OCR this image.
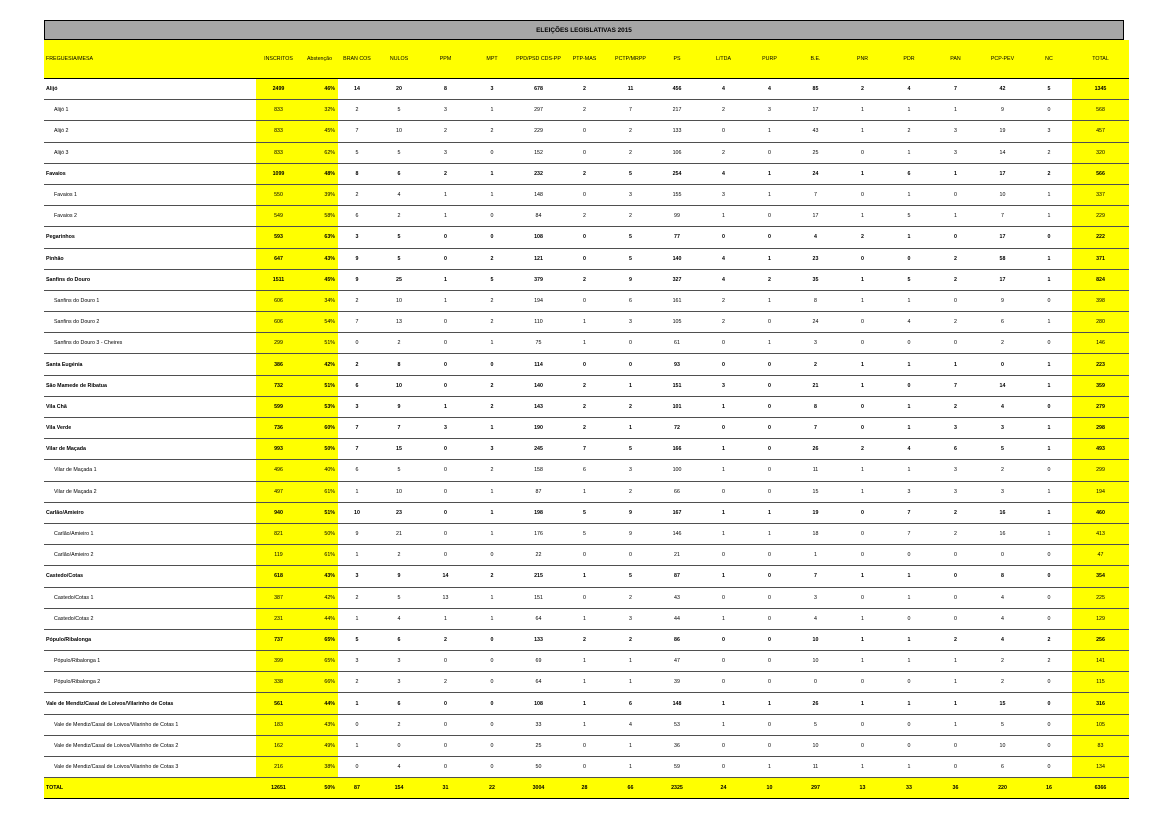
ELEIÇÕES LEGISLATIVAS 2015
FREGUESIA/MESA	INSCRITOS	Abstenção	BRAN COS	NULOS	PPM	MPT	PPD/PSD CDS-PP	PTP-MAS	PCTP/MRPP	PS	L/TDA	PURP	B.E.	PNR	PDR	PAN	PCP-PEV	NC	TOTAL
Alijó	2499	46%	14	20	8	3	678	2	11	456	4	4	85	2	4	7	42	5	1345
Alijó 1	833	32%	2	5	3	1	297	2	7	217	2	3	17	1	1	1	9	0	568
Alijó 2	833	45%	7	10	2	2	229	0	2	133	0	1	43	1	2	3	19	3	457
Alijó 3	833	62%	5	5	3	0	152	0	2	106	2	0	25	0	1	3	14	2	320
Favaios	1099	48%	8	6	2	1	232	2	5	254	4	1	24	1	6	1	17	2	566
Favaios 1	550	39%	2	4	1	1	148	0	3	155	3	1	7	0	1	0	10	1	337
Favaios 2	549	58%	6	2	1	0	84	2	2	99	1	0	17	1	5	1	7	1	229
Pegarinhos	593	63%	3	5	0	0	108	0	5	77	0	0	4	2	1	0	17	0	222
Pinhão	647	43%	9	5	0	2	121	0	5	140	4	1	23	0	0	2	58	1	371
Sanfins do Douro	1511	45%	9	25	1	5	379	2	9	327	4	2	35	1	5	2	17	1	824
Sanfins do Douro 1	606	34%	2	10	1	2	194	0	6	161	2	1	8	1	1	0	9	0	398
Sanfins do Douro 2	606	54%	7	13	0	2	110	1	3	105	2	0	24	0	4	2	6	1	280
Sanfins do Douro 3 - Cheires	299	51%	0	2	0	1	75	1	0	61	0	1	3	0	0	0	2	0	146
Santa Eugénia	386	42%	2	8	0	0	114	0	0	93	0	0	2	1	1	1	0	1	223
São Mamede de Ribatua	732	51%	6	10	0	2	140	2	1	151	3	0	21	1	0	7	14	1	359
Vila Chã	599	53%	3	9	1	2	143	2	2	101	1	0	8	0	1	2	4	0	279
Vila Verde	736	60%	7	7	3	1	190	2	1	72	0	0	7	0	1	3	3	1	298
Vilar de Maçada	993	50%	7	15	0	3	245	7	5	166	1	0	26	2	4	6	5	1	493
Vilar de Maçada 1	496	40%	6	5	0	2	158	6	3	100	1	0	11	1	1	3	2	0	299
Vilar de Maçada 2	497	61%	1	10	0	1	87	1	2	66	0	0	15	1	3	3	3	1	194
Carlão/Amieiro	940	51%	10	23	0	1	198	5	9	167	1	1	19	0	7	2	16	1	460
Carlão/Amieiro 1	821	50%	9	21	0	1	176	5	9	146	1	1	18	0	7	2	16	1	413
Carlão/Amieiro 2	119	61%	1	2	0	0	22	0	0	21	0	0	1	0	0	0	0	0	47
Castedo/Cotas	618	43%	3	9	14	2	215	1	5	87	1	0	7	1	1	0	8	0	354
Castedo/Cotas 1	387	42%	2	5	13	1	151	0	2	43	0	0	3	0	1	0	4	0	225
Castedo/Cotas 2	231	44%	1	4	1	1	64	1	3	44	1	0	4	1	0	0	4	0	129
Pópulo/Ribalonga	737	65%	5	6	2	0	133	2	2	86	0	0	10	1	1	2	4	2	256
Pópulo/Ribalonga 1	399	65%	3	3	0	0	69	1	1	47	0	0	10	1	1	1	2	2	141
Pópulo/Ribalonga 2	338	66%	2	3	2	0	64	1	1	39	0	0	0	0	0	1	2	0	115
Vale de Mendiz/Casal de Loivos/Vilarinho de Cotas	561	44%	1	6	0	0	108	1	6	148	1	1	26	1	1	1	15	0	316
Vale de Mendiz/Casal de Loivos/Vilarinho de Cotas 1	183	43%	0	2	0	0	33	1	4	53	1	0	5	0	0	1	5	0	105
Vale de Mendiz/Casal de Loivos/Vilarinho de Cotas 2	162	49%	1	0	0	0	25	0	1	36	0	0	10	0	0	0	10	0	83
Vale de Mendiz/Casal de Loivos/Vilarinho de Cotas 3	216	38%	0	4	0	0	50	0	1	59	0	1	11	1	1	0	6	0	134
TOTAL	12651	50%	87	154	31	22	3004	28	66	2325	24	10	297	13	33	36	220	16	6366
